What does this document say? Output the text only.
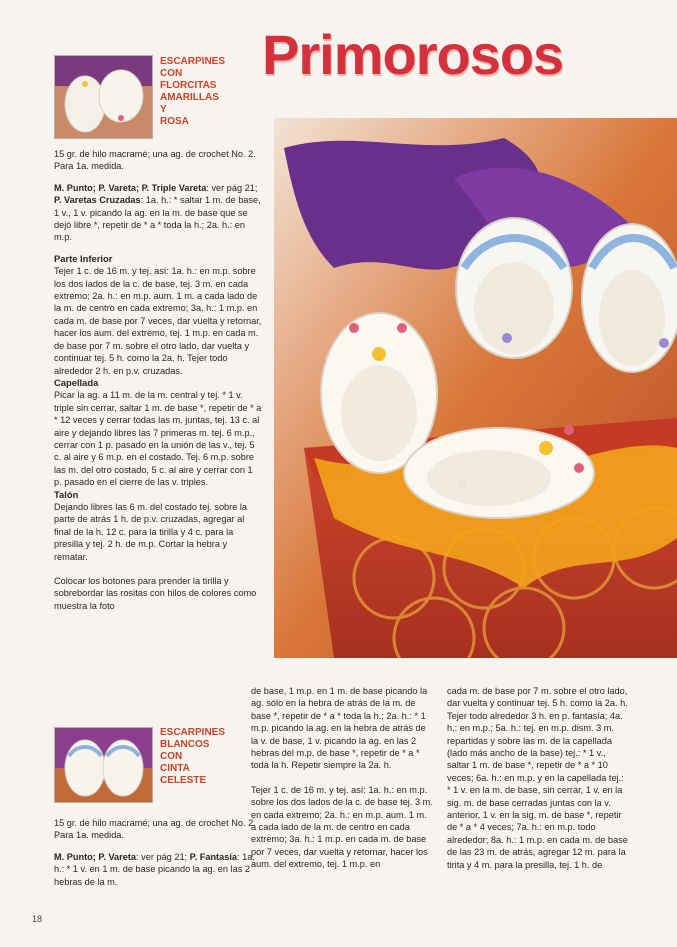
Primorosos
ESCARPINES
CON
FLORCITAS
AMARILLAS
Y
ROSA

15 gr. de hilo macramé; una ag. de crochet No. 2. Para 1a. medida.

M. Punto; P. Vareta; P. Triple Vareta: ver pág 21; P. Varetas Cruzadas: 1a. h.: * saltar 1 m. de base, 1 v., 1 v. picando la ag. en la m. de base que se dejó libre *, repetir de * a * toda la h.; 2a. h.: en m.p.

Parte Inferior

Tejer 1 c. de 16 m. y tej. así: 1a. h.: en m.p. sobre los dos lados de la c. de base, tej. 3 m. en cada extremo; 2a. h.: en m.p. aum. 1 m. a cada lado de la m. de centro en cada extremo; 3a. h.: 1 m.p. en cada m. de base por 7 veces, dar vuelta y retornar, hacer los aum. del extremo, tej. 1 m.p. en cada m. de base por 7 m. sobre el otro lado, dar vuelta y continuar tej. 5 h. como la 2a. h. Tejer todo alrededor 2 h. en p.v. cruzadas.

Capellada

Picar la ag. a 11 m. de la m. central y tej. * 1 v. triple sin cerrar, saltar 1 m. de base *, repetir de * a * 12 veces y cerrar todas las m. juntas, tej. 13 c. al aire y dejando libres las 7 primeras m. tej. 6 m.p., cerrar con 1 p. pasado en la unión de las v., tej. 5 c. al aire y 6 m.p. en el costado. Tej. 6 m.p. sobre las m. del otro costado, 5 c. al aire y cerrar con 1 p. pasado en el cierre de las v. triples.

Talón

Dejando libres las 6 m. del costado tej. sobre la parte de atrás 1 h. de p.v. cruzadas, agregar al final de la h. 12 c. para la tirilla y 4 c. para la presilla y tej. 2 h. de m.p. Cortar la hebra y rematar.

Colocar los botones para prender la tirilla y sobrebordar las rositas con hilos de colores como muestra la foto

ESCARPINES
BLANCOS
CON
CINTA
CELESTE

15 gr. de hilo macramé; una ag. de crochet No. 2. Para 1a. medida.

M. Punto; P. Vareta: ver pág 21; P. Fantasía: 1a. h.: * 1 v. en 1 m. de base picando la ag. en las 2 hebras de la m.

de base, 1 m.p. en 1 m. de base picando la ag. sólo en la hebra de atrás de la m. de base *, repetir de * a * toda la h.; 2a. h.: * 1 m.p. picando la ag. en la hebra de atrás de la v. de base, 1 v. picando la ag. en las 2 hebras del m.p. de base *, repetir de * a * toda la h. Repetir siempre la 2a. h.

Tejer 1 c. de 16 m. y tej. así: 1a. h.: en m.p. sobre los dos lados de la c. de base tej. 3 m. en cada extremo; 2a. h.: en m.p. aum. 1 m. a cada lado de la m. de centro en cada extremo; 3a. h.: 1 m.p. en cada m. de base por 7 veces, dar vuelta y retornar, hacer los aum. del extremo, tej. 1 m.p. en

cada m. de base por 7 m. sobre el otro lado, dar vuelta y continuar tej. 5 h. como la 2a. h. Tejer todo alrededor 3 h. en p. fantasía; 4a. h.: en m.p.; 5a. h.: tej. en m.p. dism. 3 m. repartidas y sobre las m. de la capellada (lado más ancho de la base) tej.: * 1 v., saltar 1 m. de base *, repetir de * a * 10 veces; 6a. h.: en m.p. y en la capellada tej.: * 1 v. en la m. de base, sin cerrar, 1 v. en la sig. m. de base cerradas juntas con la v. anterior, 1 v. en la sig. m. de base *, repetir de * a * 4 veces; 7a. h.: en m.p. todo alrededor; 8a. h.: 1 m.p. en cada m. de base de las 23 m. de atrás, agregar 12 m. para la tirita y 4 m. para la presilla, tej. 1 h. de

18
